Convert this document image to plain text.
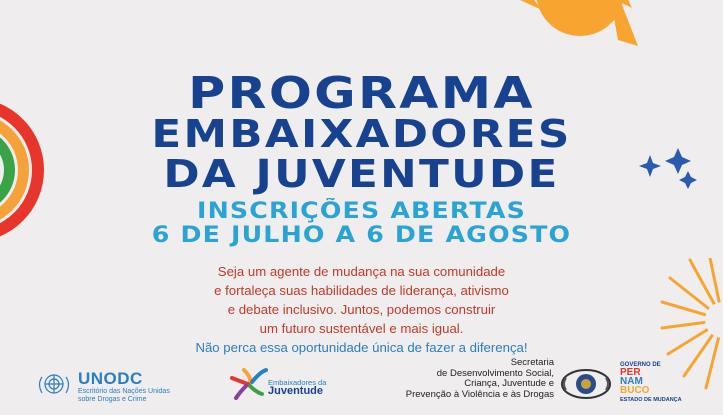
PROGRAMA
EMBAIXADORES
DA JUVENTUDE
INSCRIÇÕES ABERTAS
6 DE JULHO A 6 DE AGOSTO
Seja um agente de mudança na sua comunidade
e fortaleça suas habilidades de liderança, ativismo
e debate inclusivo. Juntos, podemos construir
um futuro sustentável e mais igual.
Não perca essa oportunidade única de fazer a diferença!
UNODC
Escritório das Nações Unidas
sobre Drogas e Crime
Embaixadores da
Juventude
Secretaria
de Desenvolvimento Social,
Criança, Juventude e
Prevenção à Violência e às Drogas
GOVERNO DE
PER
NAM
BUCO
ESTADO DE MUDANÇA
